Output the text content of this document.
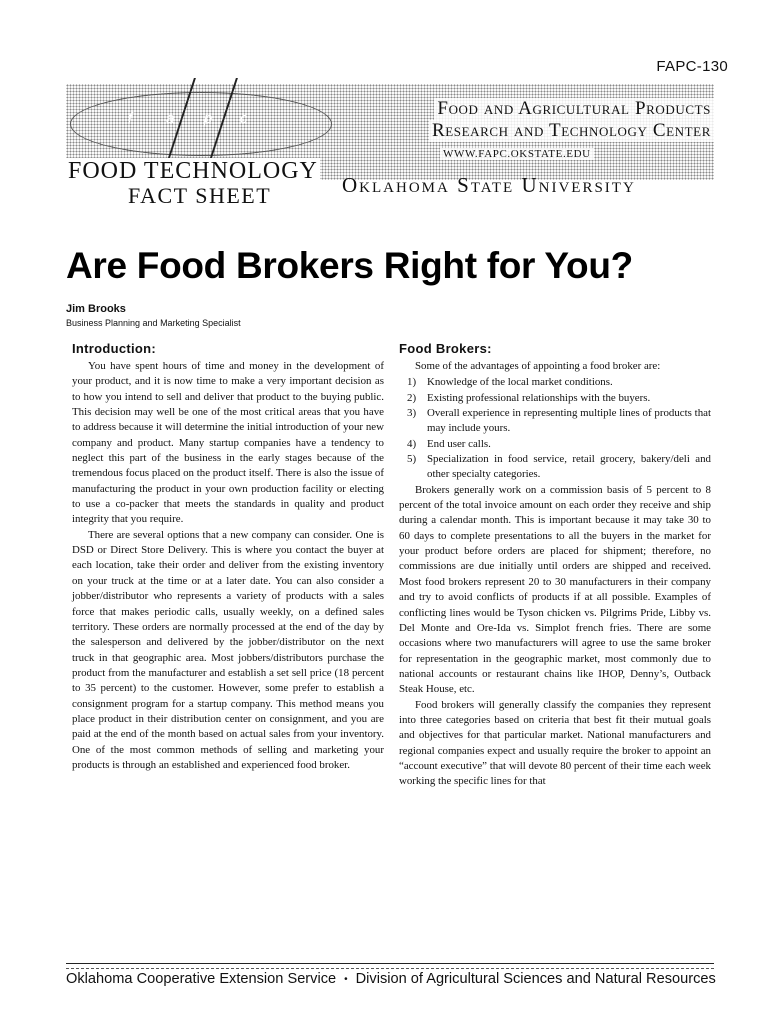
FAPC-130
f a p c
FOOD TECHNOLOGY
FACT SHEET
Food and Agricultural Products
Research and Technology Center
WWW.FAPC.OKSTATE.EDU
Oklahoma State University
Are Food Brokers Right for You?
Jim Brooks
Business Planning and Marketing Specialist
Introduction:

You have spent hours of time and money in the development of your product, and it is now time to make a very important decision as to how you intend to sell and deliver that product to the buying public. This decision may well be one of the most critical areas that you have to address because it will determine the initial introduction of your new company and product. Many startup companies have a tendency to neglect this part of the business in the early stages because of the tremendous focus placed on the product itself. There is also the issue of manufacturing the product in your own production facility or electing to use a co-packer that meets the standards in quality and product integrity that you require.

There are several options that a new company can consider. One is DSD or Direct Store Delivery. This is where you contact the buyer at each location, take their order and deliver from the existing inventory on your truck at the time or at a later date. You can also consider a jobber/distributor who represents a variety of products with a sales force that makes periodic calls, usually weekly, on a defined sales territory. These orders are normally processed at the end of the day by the salesperson and delivered by the jobber/distributor on the next truck in that geographic area. Most jobbers/distributors purchase the product from the manufacturer and establish a set sell price (18 percent to 35 percent) to the customer. However, some prefer to establish a consignment program for a startup company. This method means you place product in their distribution center on consignment, and you are paid at the end of the month based on actual sales from your inventory. One of the most common methods of selling and marketing your products is through an established and experienced food broker.

Food Brokers:

Some of the advantages of appointing a food broker are:

1) Knowledge of the local market conditions.
2) Existing professional relationships with the buyers.
3) Overall experience in representing multiple lines of products that may include yours.
4) End user calls.
5) Specialization in food service, retail grocery, bakery/deli and other specialty categories.

Brokers generally work on a commission basis of 5 percent to 8 percent of the total invoice amount on each order they receive and ship during a calendar month. This is important because it may take 30 to 60 days to complete presentations to all the buyers in the market for your product before orders are placed for shipment; therefore, no commissions are due initially until orders are shipped and received. Most food brokers represent 20 to 30 manufacturers in their company and try to avoid conflicts of products if at all possible. Examples of conflicting lines would be Tyson chicken vs. Pilgrims Pride, Libby vs. Del Monte and Ore-Ida vs. Simplot french fries. There are some occasions where two manufacturers will agree to use the same broker for representation in the geographic market, most commonly due to national accounts or restaurant chains like IHOP, Denny’s, Outback Steak House, etc.

Food brokers will generally classify the companies they represent into three categories based on criteria that best fit their mutual goals and objectives for that particular market. National manufacturers and regional companies expect and usually require the broker to appoint an “account executive” that will devote 80 percent of their time each week working the specific lines for that

Oklahoma Cooperative Extension Service • Division of Agricultural Sciences and Natural Resources
